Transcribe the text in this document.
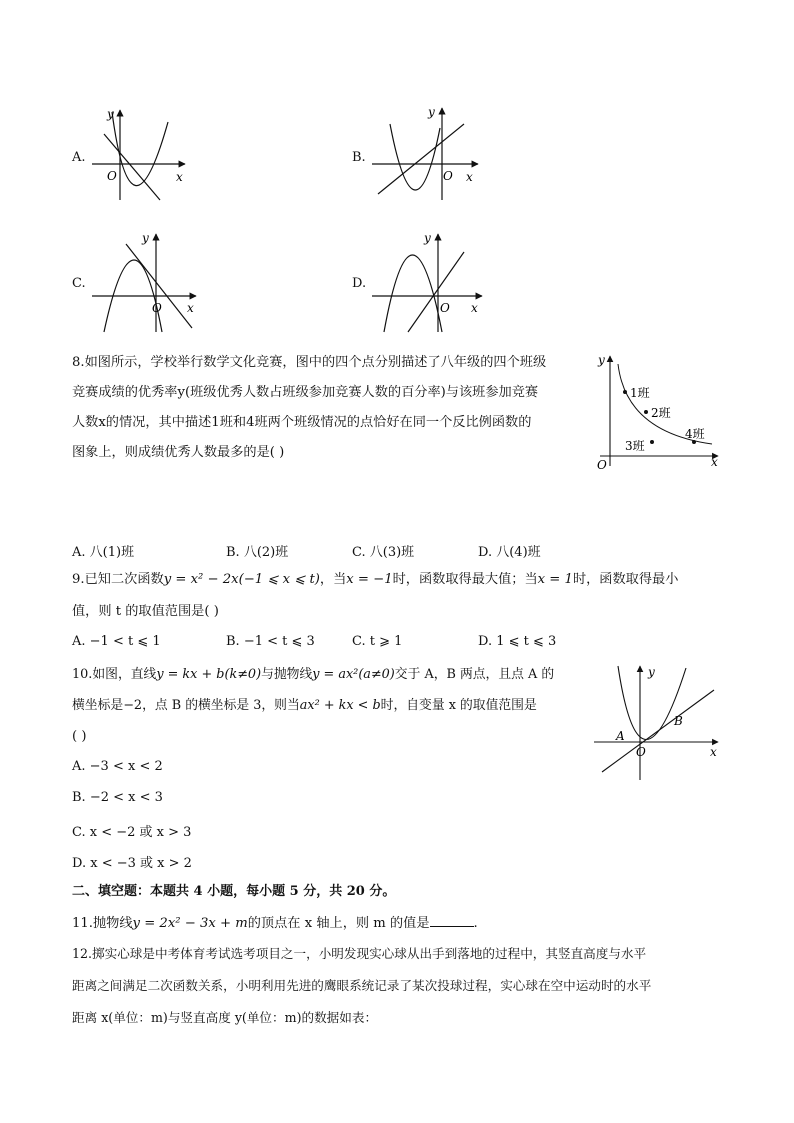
A.
y
O	x
B.
y
O x
C.
y
O x
D.
y
O x
8.如图所示，学校举行数学文化竞赛，图中的四个点分别描述了八年级的四个班级
竞赛成绩的优秀率y(班级优秀人数占班级参加竞赛人数的百分率)与该班参加竞赛
人数x的情况，其中描述1班和4班两个班级情况的点恰好在同一个反比例函数的
图象上，则成绩优秀人数最多的是( )
y
O	x
1班
2班
3班
4班
A. 八(1)班	B. 八(2)班	C. 八(3)班	D. 八(4)班
9.已知二次函数y = x² − 2x(−1 ⩽ x ⩽ t)，当x = −1时，函数取得最大值；当x = 1时，函数取得最小
值，则 t 的取值范围是( )
A. −1 < t ⩽ 1	B. −1 < t ⩽ 3	C. t ⩾ 1	D. 1 ⩽ t ⩽ 3
10.如图，直线y = kx + b(k≠0)与抛物线y = ax²(a≠0)交于 A，B 两点，且点 A 的
横坐标是−2，点 B 的横坐标是 3，则当ax² + kx < b时，自变量 x 的取值范围是
( )
y
O	x
A
B
A. −3 < x < 2
B. −2 < x < 3
C. x < −2 或 x > 3
D. x < −3 或 x > 2
二、填空题：本题共 4 小题，每小题 5 分，共 20 分。
11.抛物线y = 2x² − 3x + m的顶点在 x 轴上，则 m 的值是	.
12.掷实心球是中考体育考试选考项目之一，小明发现实心球从出手到落地的过程中，其竖直高度与水平
距离之间满足二次函数关系，小明利用先进的鹰眼系统记录了某次投球过程，实心球在空中运动时的水平
距离 x(单位：m)与竖直高度 y(单位：m)的数据如表：
